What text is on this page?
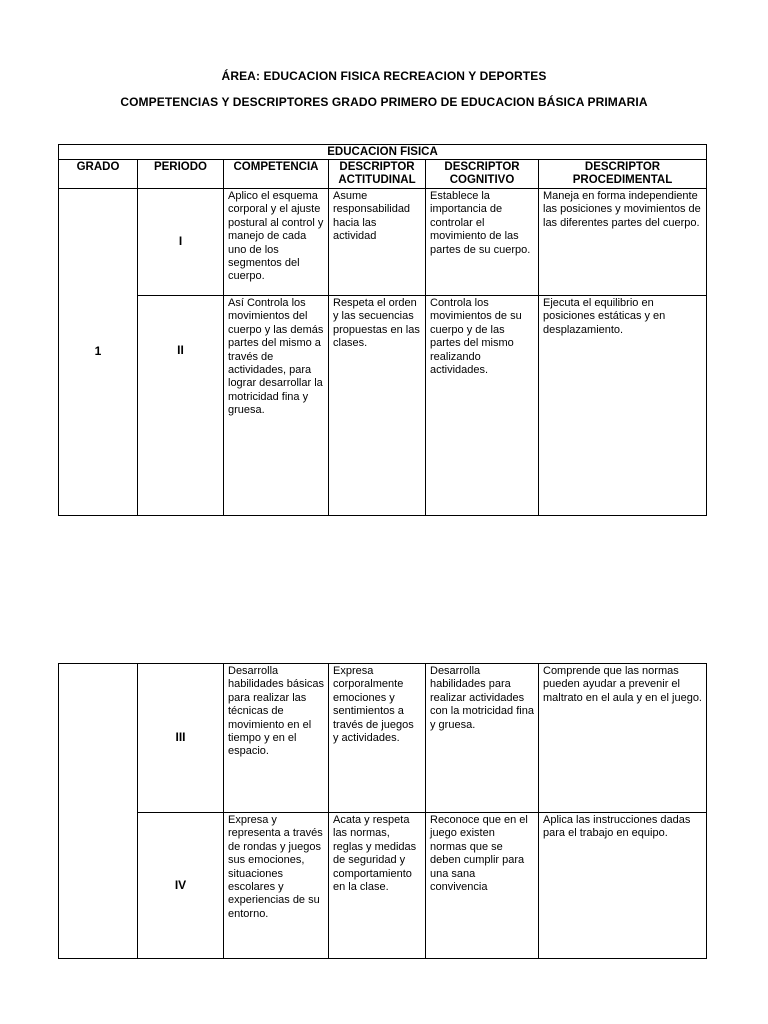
ÁREA: EDUCACION FISICA RECREACION Y DEPORTES
COMPETENCIAS Y DESCRIPTORES GRADO PRIMERO DE EDUCACION BÁSICA PRIMARIA
EDUCACION FISICA					
GRADO	PERIODO	COMPETENCIA	DESCRIPTOR ACTITUDINAL	DESCRIPTOR COGNITIVO	DESCRIPTOR PROCEDIMENTAL
1	I	Aplico el esquema corporal y el ajuste postural al control y manejo de cada uno de los segmentos del cuerpo.	Asume responsabilidad hacia las actividad	Establece la importancia de controlar el movimiento de las partes de su cuerpo.	Maneja en forma independiente las posiciones y movimientos de las diferentes partes del cuerpo.
	II	Así Controla los movimientos del cuerpo y las demás partes del mismo a través de actividades, para lograr desarrollar la motricidad fina y gruesa.	Respeta el orden y las secuencias propuestas en las clases.	Controla los movimientos de su cuerpo y de las partes del mismo realizando actividades.	Ejecuta el equilibrio en posiciones estáticas y en desplazamiento.
	III	Desarrolla habilidades básicas para realizar las técnicas de movimiento en el tiempo y en el espacio.	Expresa corporalmente emociones y sentimientos a través de juegos y actividades.	Desarrolla habilidades para realizar actividades con la motricidad fina y gruesa.	Comprende que las normas pueden ayudar a prevenir el maltrato en el aula y en el juego.
	IV	Expresa y representa a través de rondas y juegos sus emociones, situaciones escolares y experiencias de su entorno.	Acata y respeta las normas, reglas y medidas de seguridad y comportamiento en la clase.	Reconoce que en el juego existen normas que se deben cumplir para una sana convivencia	Aplica las instrucciones dadas para el trabajo en equipo.
